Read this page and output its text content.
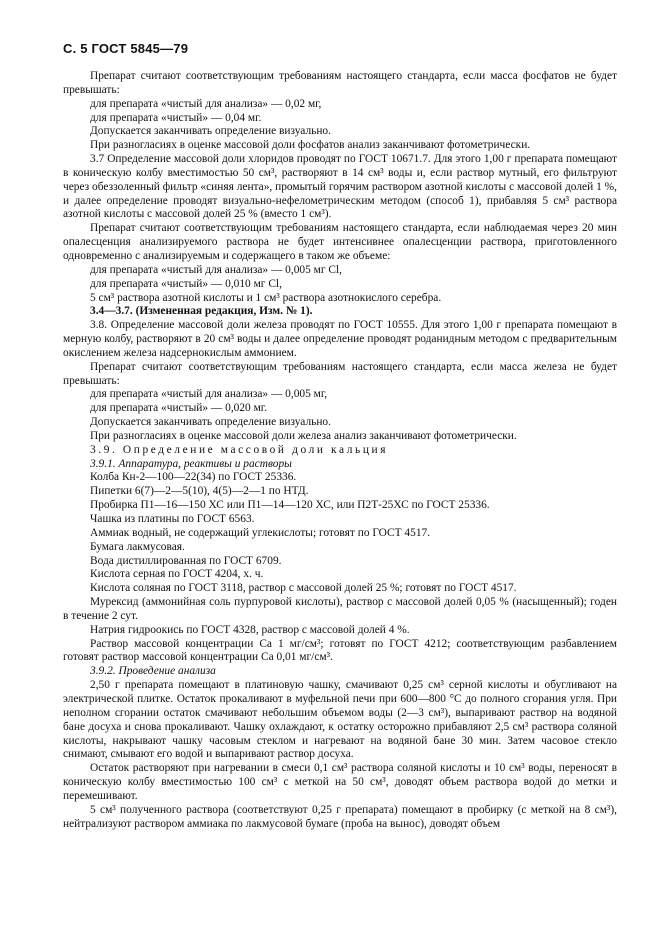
С. 5 ГОСТ 5845—79

Препарат считают соответствующим требованиям настоящего стандарта, если масса фосфатов не будет превышать:

для препарата «чистый для анализа» — 0,02 мг,

для препарата «чистый» — 0,04 мг.

Допускается заканчивать определение визуально.

При разногласиях в оценке массовой доли фосфатов анализ заканчивают фотометрически.

3.7 Определение массовой доли хлоридов проводят по ГОСТ 10671.7. Для этого 1,00 г препарата помещают в коническую колбу вместимостью 50 см³, растворяют в 14 см³ воды и, если раствор мутный, его фильтруют через обеззоленный фильтр «синяя лента», промытый горячим раствором азотной кислоты с массовой долей 1 %, и далее определение проводят визуально-нефелометрическим методом (способ 1), прибавляя 5 см³ раствора азотной кислоты с массовой долей 25 % (вместо 1 см³).

Препарат считают соответствующим требованиям настоящего стандарта, если наблюдаемая через 20 мин опалесценция анализируемого раствора не будет интенсивнее опалесценции раствора, приготовленного одновременно с анализируемым и содержащего в таком же объеме:

для препарата «чистый для анализа» — 0,005 мг Cl,

для препарата «чистый» — 0,010 мг Cl,

5 см³ раствора азотной кислоты и 1 см³ раствора азотнокислого серебра.

3.4—3.7. (Измененная редакция, Изм. № 1).

3.8. Определение массовой доли железа проводят по ГОСТ 10555. Для этого 1,00 г препарата помещают в мерную колбу, растворяют в 20 см³ воды и далее определение проводят роданидным методом с предварительным окислением железа надсернокислым аммонием.

Препарат считают соответствующим требованиям настоящего стандарта, если масса железа не будет превышать:

для препарата «чистый для анализа» — 0,005 мг,

для препарата «чистый» — 0,020 мг.

Допускается заканчивать определение визуально.

При разногласиях в оценке массовой доли железа анализ заканчивают фотометрически.

3.9. Определение массовой доли кальция

3.9.1. Аппаратура, реактивы и растворы

Колба Кн-2—100—22(34) по ГОСТ 25336.

Пипетки 6(7)—2—5(10), 4(5)—2—1 по НТД.

Пробирка П1—16—150 ХС или П1—14—120 ХС, или П2Т-25ХС по ГОСТ 25336.

Чашка из платины по ГОСТ 6563.

Аммиак водный, не содержащий углекислоты; готовят по ГОСТ 4517.

Бумага лакмусовая.

Вода дистиллированная по ГОСТ 6709.

Кислота серная по ГОСТ 4204, х. ч.

Кислота соляная по ГОСТ 3118, раствор с массовой долей 25 %; готовят по ГОСТ 4517.

Мурексид (аммонийная соль пурпуровой кислоты), раствор с массовой долей 0,05 % (насыщенный); годен в течение 2 сут.

Натрия гидроокись по ГОСТ 4328, раствор с массовой долей 4 %.

Раствор массовой концентрации Са 1 мг/см³; готовят по ГОСТ 4212; соответствующим разбавлением готовят раствор массовой концентрации Са 0,01 мг/см³.

3.9.2. Проведение анализа

2,50 г препарата помещают в платиновую чашку, смачивают 0,25 см³ серной кислоты и обугливают на электрической плитке. Остаток прокаливают в муфельной печи при 600—800 °С до полного сгорания угля. При неполном сгорании остаток смачивают небольшим объемом воды (2—3 см³), выпаривают раствор на водяной бане досуха и снова прокаливают. Чашку охлаждают, к остатку осторожно прибавляют 2,5 см³ раствора соляной кислоты, накрывают чашку часовым стеклом и нагревают на водяной бане 30 мин. Затем часовое стекло снимают, смывают его водой и выпаривают раствор досуха.

Остаток растворяют при нагревании в смеси 0,1 см³ раствора соляной кислоты и 10 см³ воды, переносят в коническую колбу вместимостью 100 см³ с меткой на 50 см³, доводят объем раствора водой до метки и перемешивают.

5 см³ полученного раствора (соответствуют 0,25 г препарата) помещают в пробирку (с меткой на 8 см³), нейтрализуют раствором аммиака по лакмусовой бумаге (проба на вынос), доводят объем
